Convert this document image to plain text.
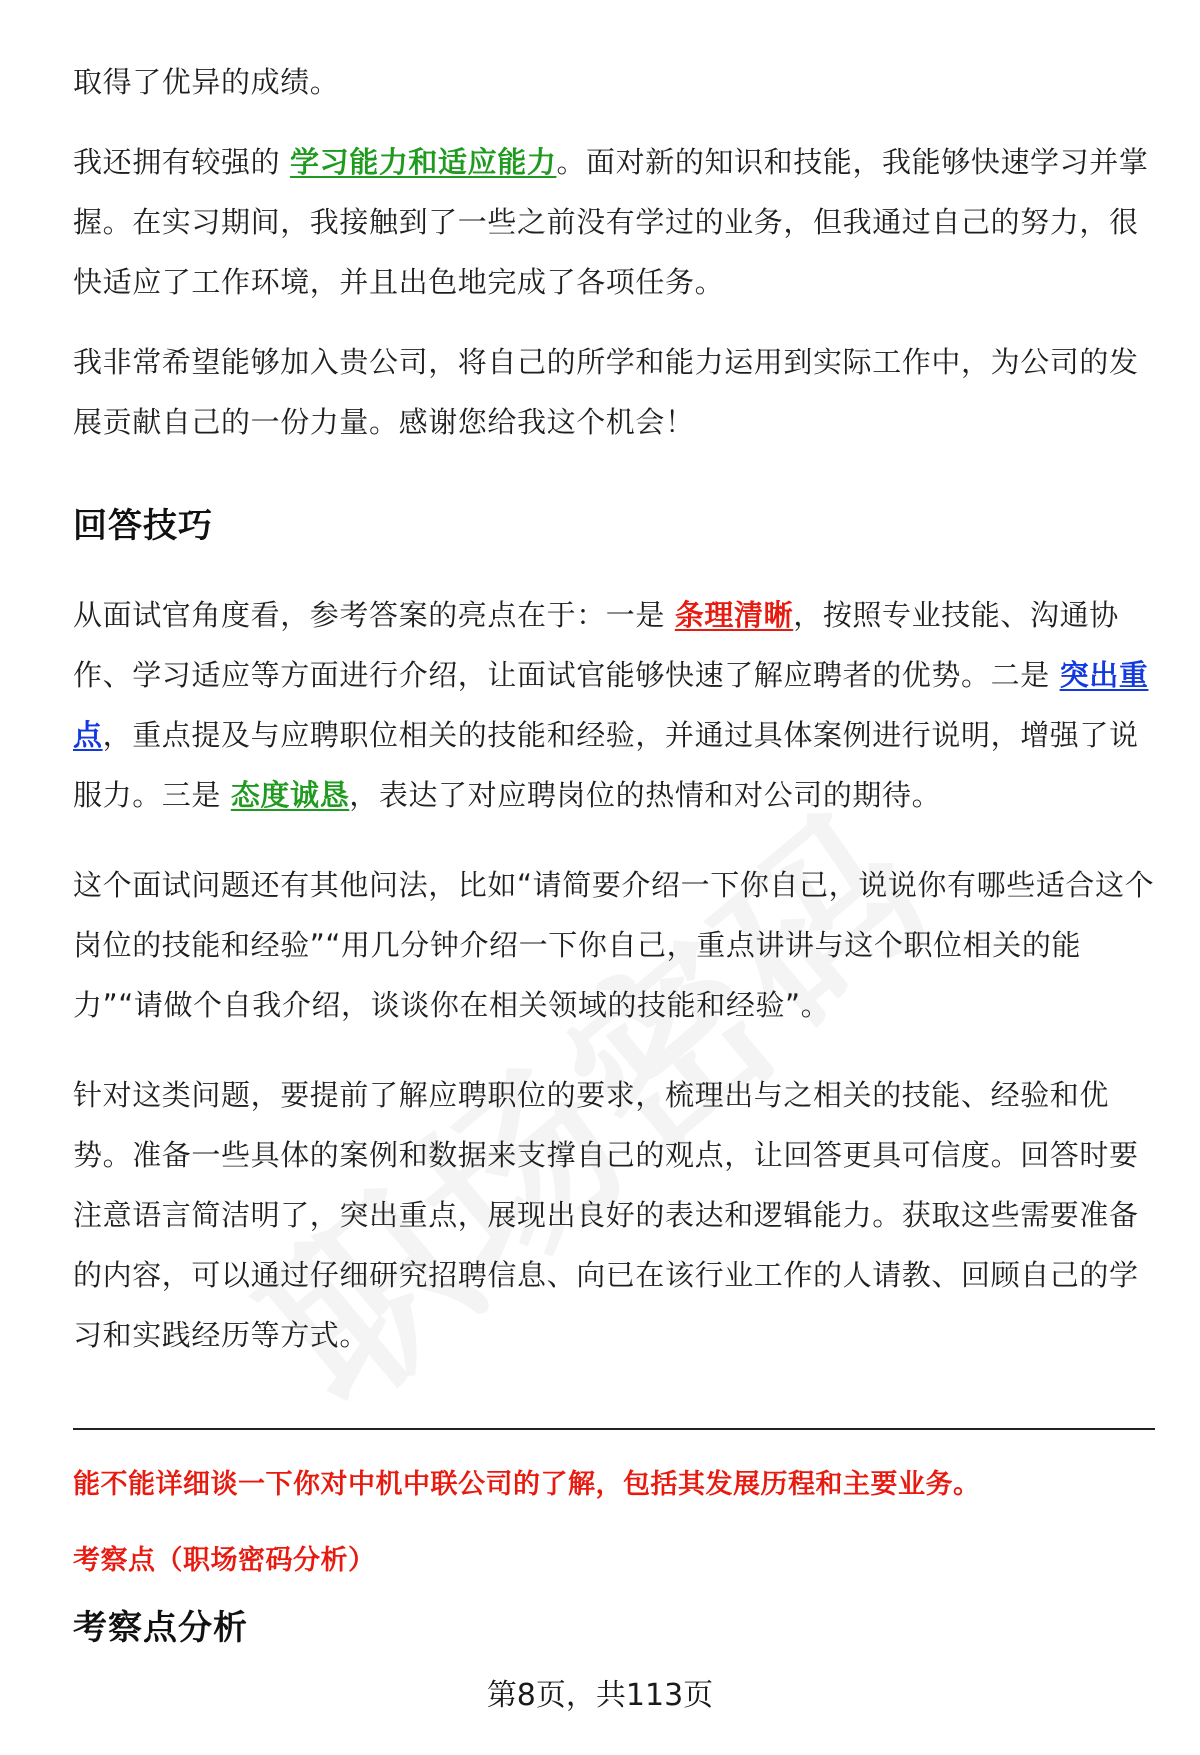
取得了优异的成绩。

我还拥有较强的 学习能力和适应能力。面对新的知识和技能，我能够快速学习并掌握。在实习期间，我接触到了一些之前没有学过的业务，但我通过自己的努力，很快适应了工作环境，并且出色地完成了各项任务。

我非常希望能够加入贵公司，将自己的所学和能力运用到实际工作中，为公司的发展贡献自己的一份力量。感谢您给我这个机会！

回答技巧

从面试官角度看，参考答案的亮点在于：一是 条理清晰，按照专业技能、沟通协作、学习适应等方面进行介绍，让面试官能够快速了解应聘者的优势。二是 突出重点，重点提及与应聘职位相关的技能和经验，并通过具体案例进行说明，增强了说服力。三是 态度诚恳，表达了对应聘岗位的热情和对公司的期待。

这个面试问题还有其他问法，比如“请简要介绍一下你自己，说说你有哪些适合这个岗位的技能和经验”“用几分钟介绍一下你自己，重点讲讲与这个职位相关的能力”“请做个自我介绍，谈谈你在相关领域的技能和经验”。

针对这类问题，要提前了解应聘职位的要求，梳理出与之相关的技能、经验和优势。准备一些具体的案例和数据来支撑自己的观点，让回答更具可信度。回答时要注意语言简洁明了，突出重点，展现出良好的表达和逻辑能力。获取这些需要准备的内容，可以通过仔细研究招聘信息、向已在该行业工作的人请教、回顾自己的学习和实践经历等方式。

能不能详细谈一下你对中机中联公司的了解，包括其发展历程和主要业务。
考察点（职场密码分析）
考察点分析
第8页，共113页
